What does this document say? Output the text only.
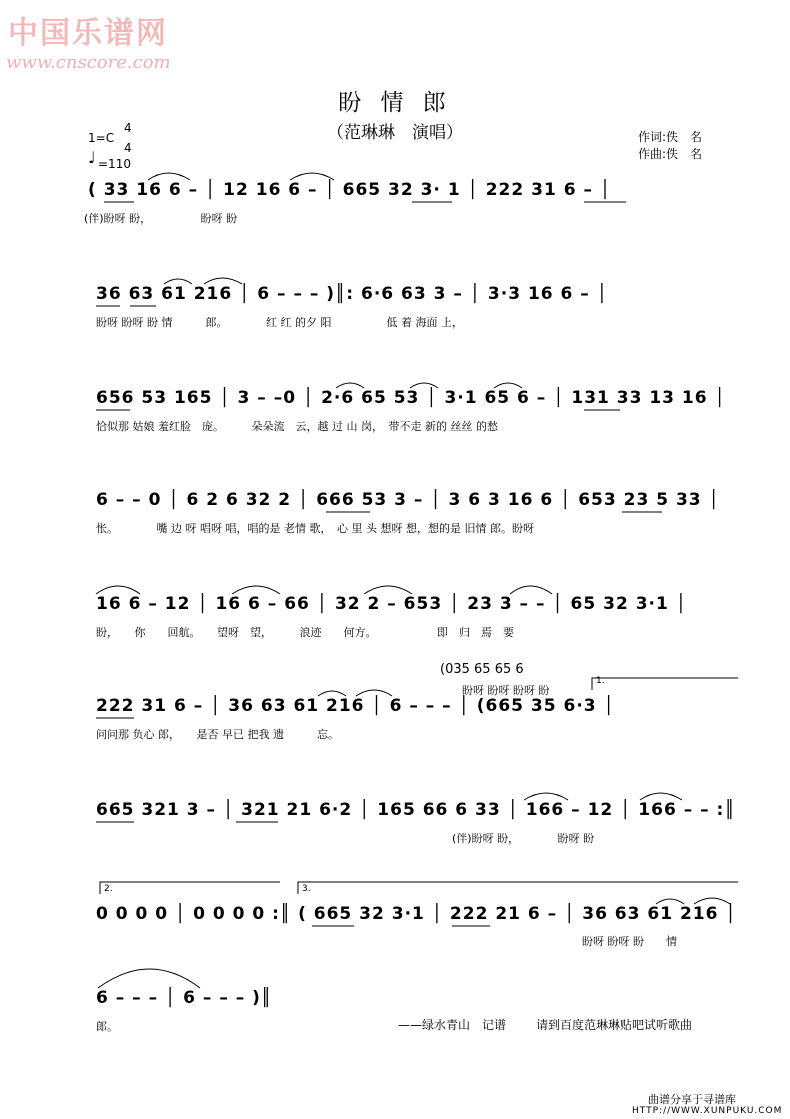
中国乐谱网
www.cnscore.com
盼 情 郎
（范琳琳　演唱）
1=C
4
4
♩ =110
作词:佚　名
作曲:佚　名
( 33 16 6 – │ 12 16 6 – │ 665 32 3· 1 │ 222 31 6 – │
(伴)盼呀 盼，　　　　　盼呀 盼
36 63 61 216 │ 6 – – – )║: 6·6 63 3 – │ 3·3 16 6 – │
盼呀 盼呀 盼 情　　　郎。　　　　红 红 的夕 阳　　　　　低 着 海面 上，
656 53 165 │ 3 – –0 │ 2·6 65 53 │ 3·1 65 6 – │ 131 33 13 16 │
恰似那 姑娘 羞红脸　庞。　　　朵朵流　云，越 过 山 岗，　带不走 新的 丝丝 的愁
6 – – 0 │ 6 2 6 32 2 │ 666 53 3 – │ 3 6 3 16 6 │ 653 23 5 33 │
怅。　　　　嘴 边 呀 唱呀 唱，唱的是 老情 歌，　心 里 头 想呀 想，想的是 旧情 郎。盼呀
16 6 – 12 │ 16 6 – 66 │ 32 2 – 653 │ 23 3 – – │ 65 32 3·1 │
盼，　　你　　回航。　　望呀　望，　　　浪迹　　何方。　　　　　　即　归　焉　要
(035 65 65 6
盼呀 盼呀 盼呀 盼
1.
222 31 6 – │ 36 63 61 216 │ 6 – – – │ (665 35 6·3 │
问问那 负心 郎，　　是否 早已 把我 遗　　　忘。
665 321 3 – │ 321 21 6·2 │ 165 66 6 33 │ 166 – 12 │ 166 – – :║
(伴)盼呀 盼，　　　　盼呀 盼
2.	3.
0 0 0 0 │ 0 0 0 0 :║ ( 665 32 3·1 │ 222 21 6 – │ 36 63 61 216 │
盼呀 盼呀 盼　　情
6 – – – │ 6 – – – )║
郎。	——绿水青山　记谱 请到百度范琳琳贴吧试听歌曲
曲谱分享于寻谱库
HTTP://WWW.XUNPUKU.COM
